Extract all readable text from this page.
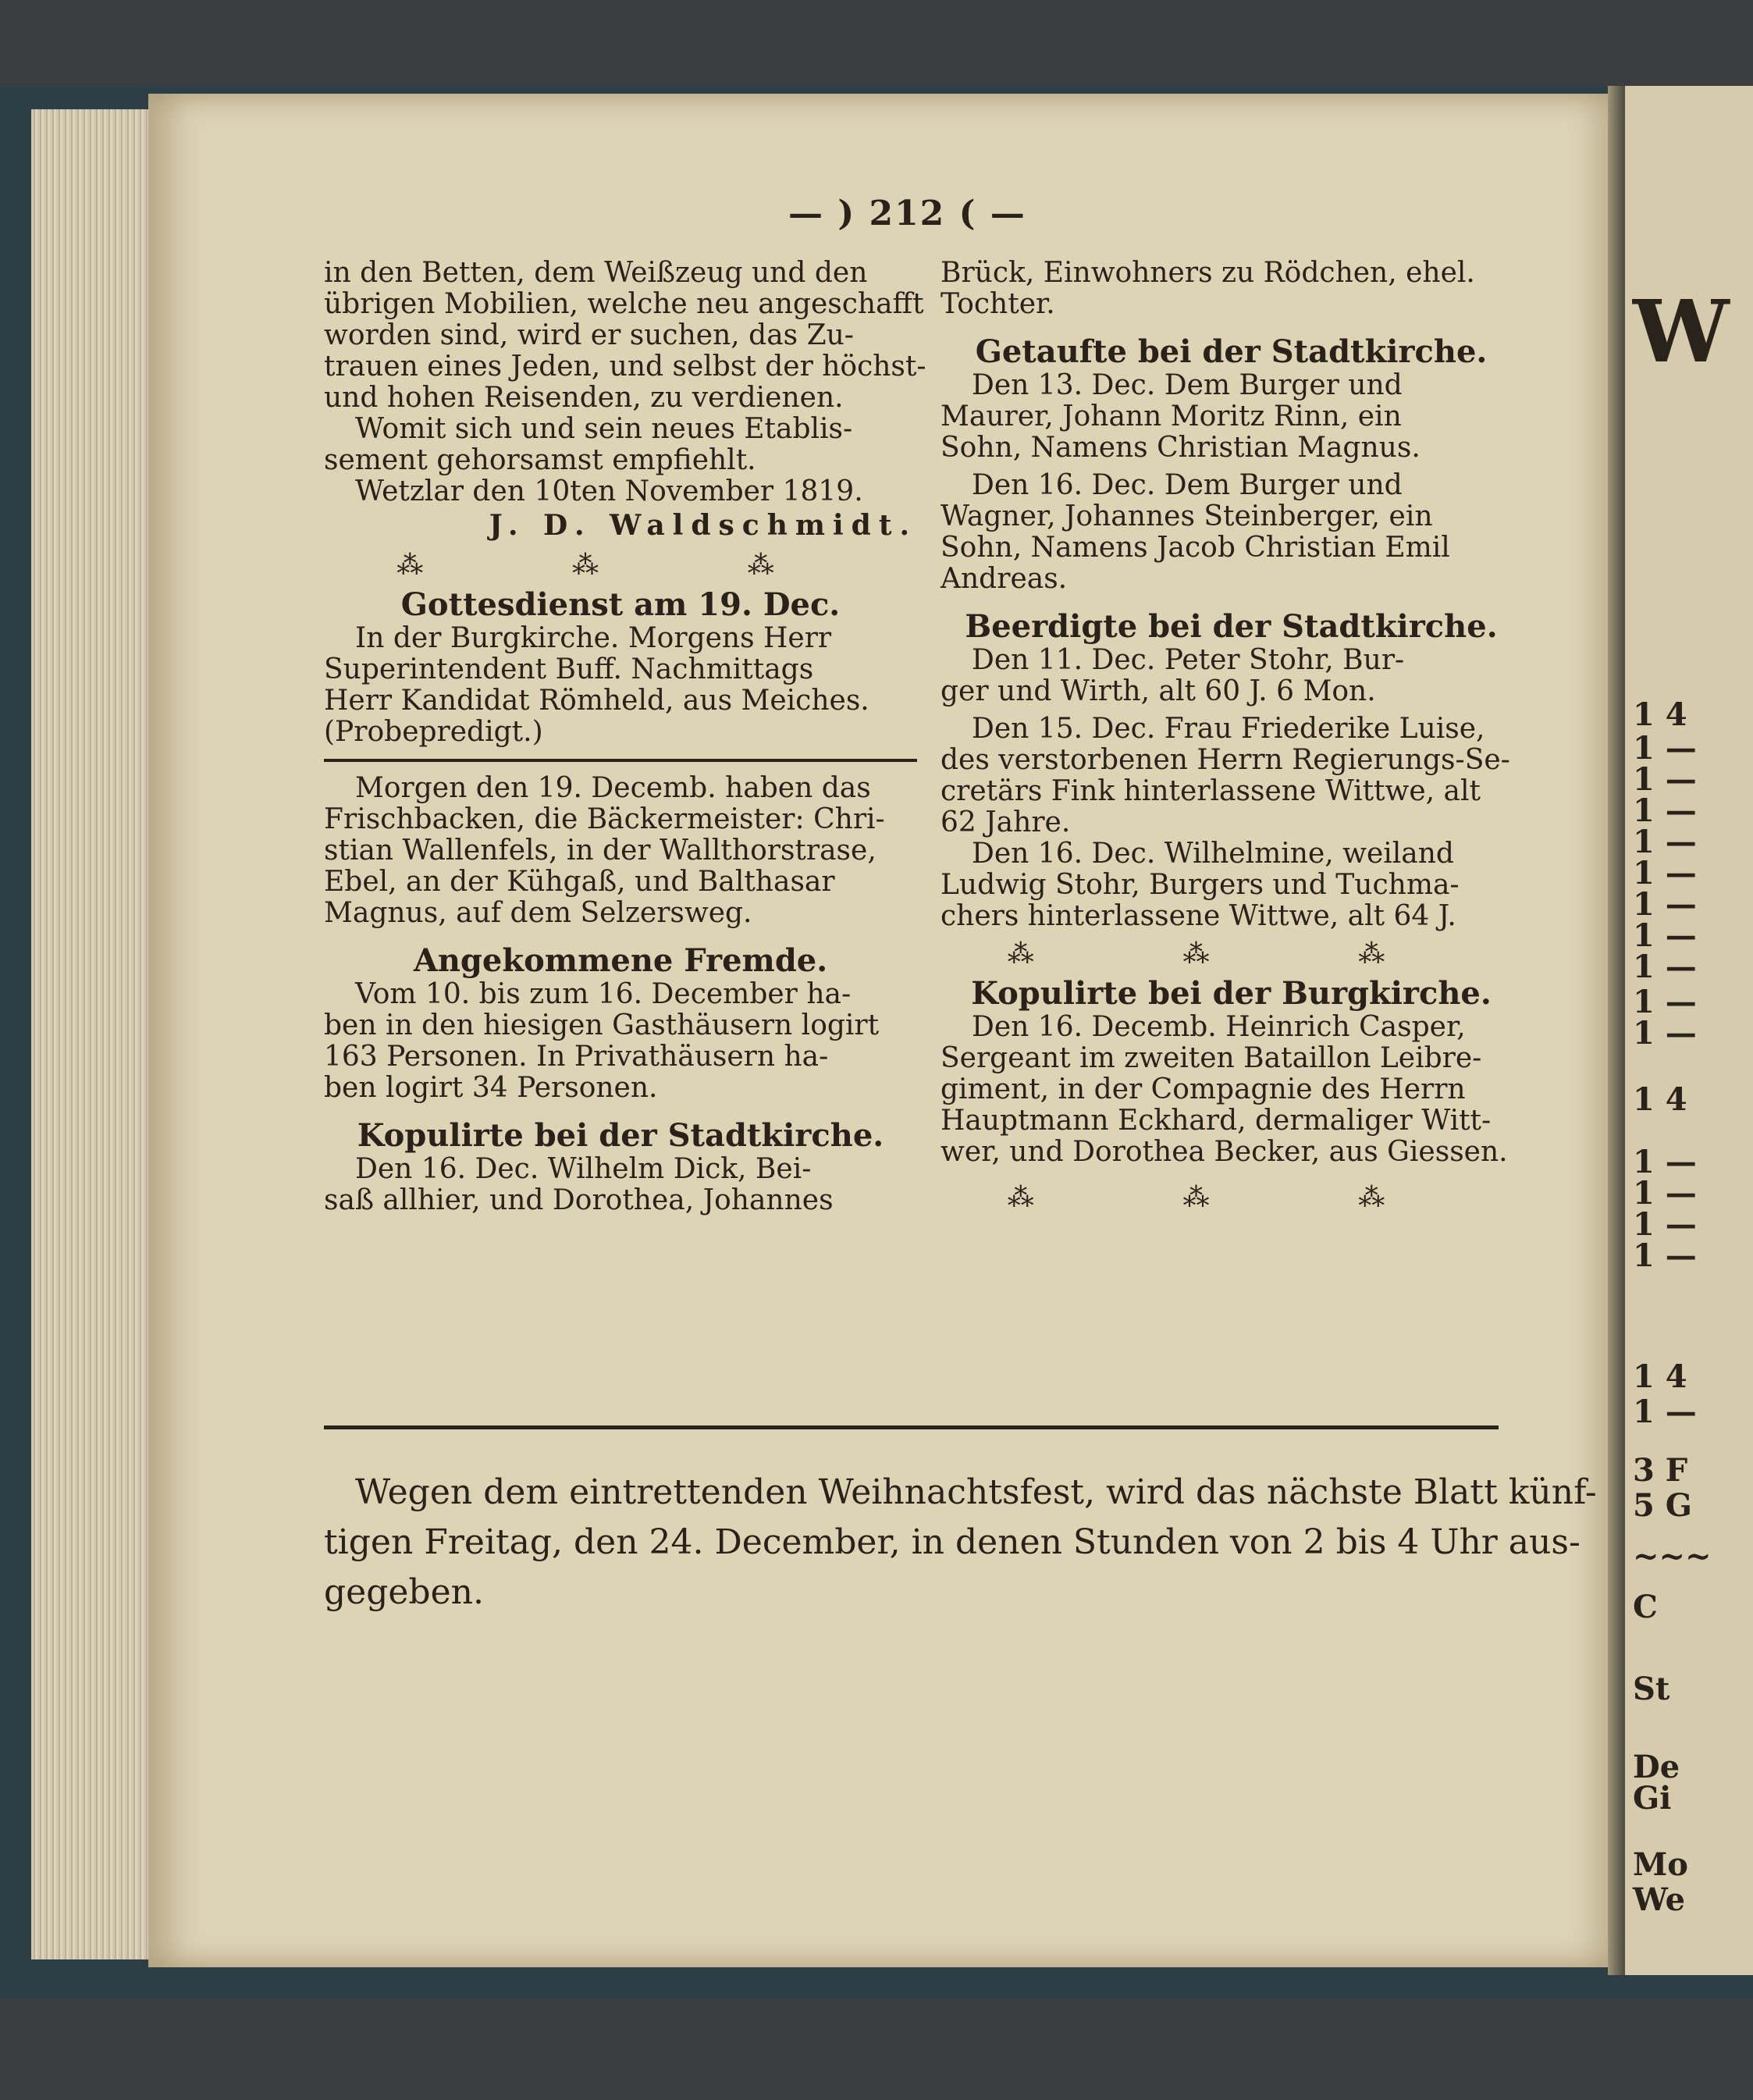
W
1 4
1 —
1 —
1 —
1 —
1 —
1 —
1 —
1 —
1 —
1 —
1 4
1 —
1 —
1 —
1 —
1 4
1 —
3 F
5 G
~~~
C
St
De
Gi
Mo
We
— ) 212 ( —

in den Betten, dem Weißzeug und den

übrigen Mobilien, welche neu angeschafft

worden sind, wird er suchen, das Zu-

trauen eines Jeden, und selbst der höchst-

und hohen Reisenden, zu verdienen.

Womit sich und sein neues Etablis-

sement gehorsamst empfiehlt.

Wetzlar den 10ten November 1819.

J. D. Waldschmidt.

⁂ ⁂ ⁂

Gottesdienst am 19. Dec.

In der Burgkirche. Morgens Herr

Superintendent Buff. Nachmittags

Herr Kandidat Römheld, aus Meiches.

(Probepredigt.)

Morgen den 19. Decemb. haben das

Frischbacken, die Bäckermeister: Chri-

stian Wallenfels, in der Wallthorstrase,

Ebel, an der Kühgaß, und Balthasar

Magnus, auf dem Selzersweg.

Angekommene Fremde.

Vom 10. bis zum 16. December ha-

ben in den hiesigen Gasthäusern logirt

163 Personen. In Privathäusern ha-

ben logirt 34 Personen.

Kopulirte bei der Stadtkirche.

Den 16. Dec. Wilhelm Dick, Bei-

saß allhier, und Dorothea, Johannes

Brück, Einwohners zu Rödchen, ehel.

Tochter.

Getaufte bei der Stadtkirche.

Den 13. Dec. Dem Burger und

Maurer, Johann Moritz Rinn, ein

Sohn, Namens Christian Magnus.

Den 16. Dec. Dem Burger und

Wagner, Johannes Steinberger, ein

Sohn, Namens Jacob Christian Emil

Andreas.

Beerdigte bei der Stadtkirche.

Den 11. Dec. Peter Stohr, Bur-

ger und Wirth, alt 60 J. 6 Mon.

Den 15. Dec. Frau Friederike Luise,

des verstorbenen Herrn Regierungs-Se-

cretärs Fink hinterlassene Wittwe, alt

62 Jahre.

Den 16. Dec. Wilhelmine, weiland

Ludwig Stohr, Burgers und Tuchma-

chers hinterlassene Wittwe, alt 64 J.

⁂ ⁂ ⁂

Kopulirte bei der Burgkirche.

Den 16. Decemb. Heinrich Casper,

Sergeant im zweiten Bataillon Leibre-

giment, in der Compagnie des Herrn

Hauptmann Eckhard, dermaliger Witt-

wer, und Dorothea Becker, aus Giessen.

⁂ ⁂ ⁂

Wegen dem eintrettenden Weihnachtsfest, wird das nächste Blatt künf-

tigen Freitag, den 24. December, in denen Stunden von 2 bis 4 Uhr aus-

gegeben.
